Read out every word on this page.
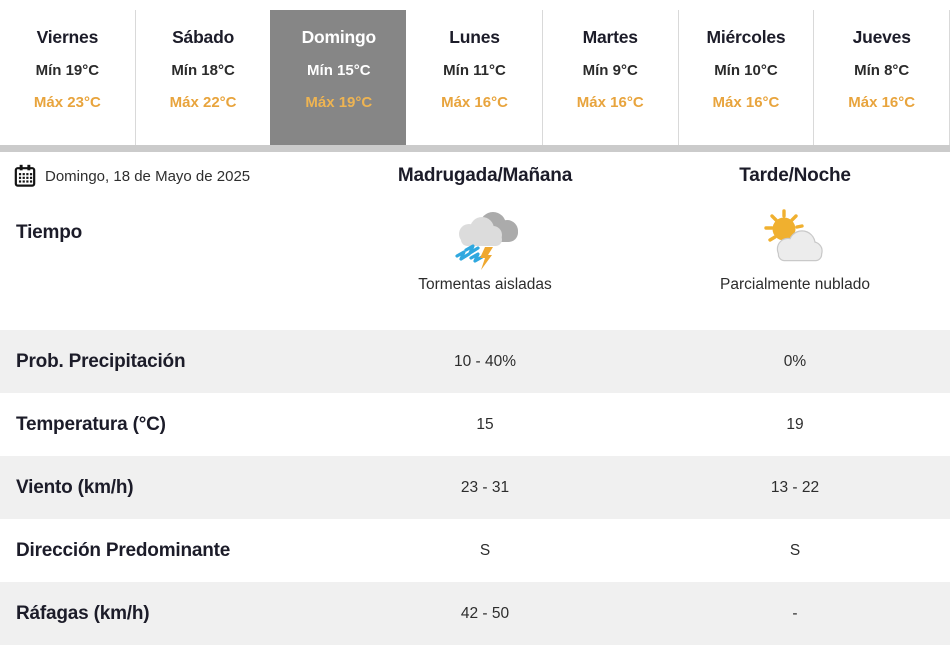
Viernes
Mín 19°C
Máx 23°C
Sábado
Mín 18°C
Máx 22°C
Domingo
Mín 15°C
Máx 19°C
Lunes
Mín 11°C
Máx 16°C
Martes
Mín 9°C
Máx 16°C
Miércoles
Mín 10°C
Máx 16°C
Jueves
Mín 8°C
Máx 16°C
Domingo, 18 de Mayo de 2025	Madrugada/Mañana	Tarde/Noche
Tiempo
Tormentas aisladas	Parcialmente nublado
Prob. Precipitación	10 - 40%	0%
Temperatura (°C)	15	19
Viento (km/h)	23 - 31	13 - 22
Dirección Predominante	S	S
Ráfagas (km/h)	42 - 50	-
